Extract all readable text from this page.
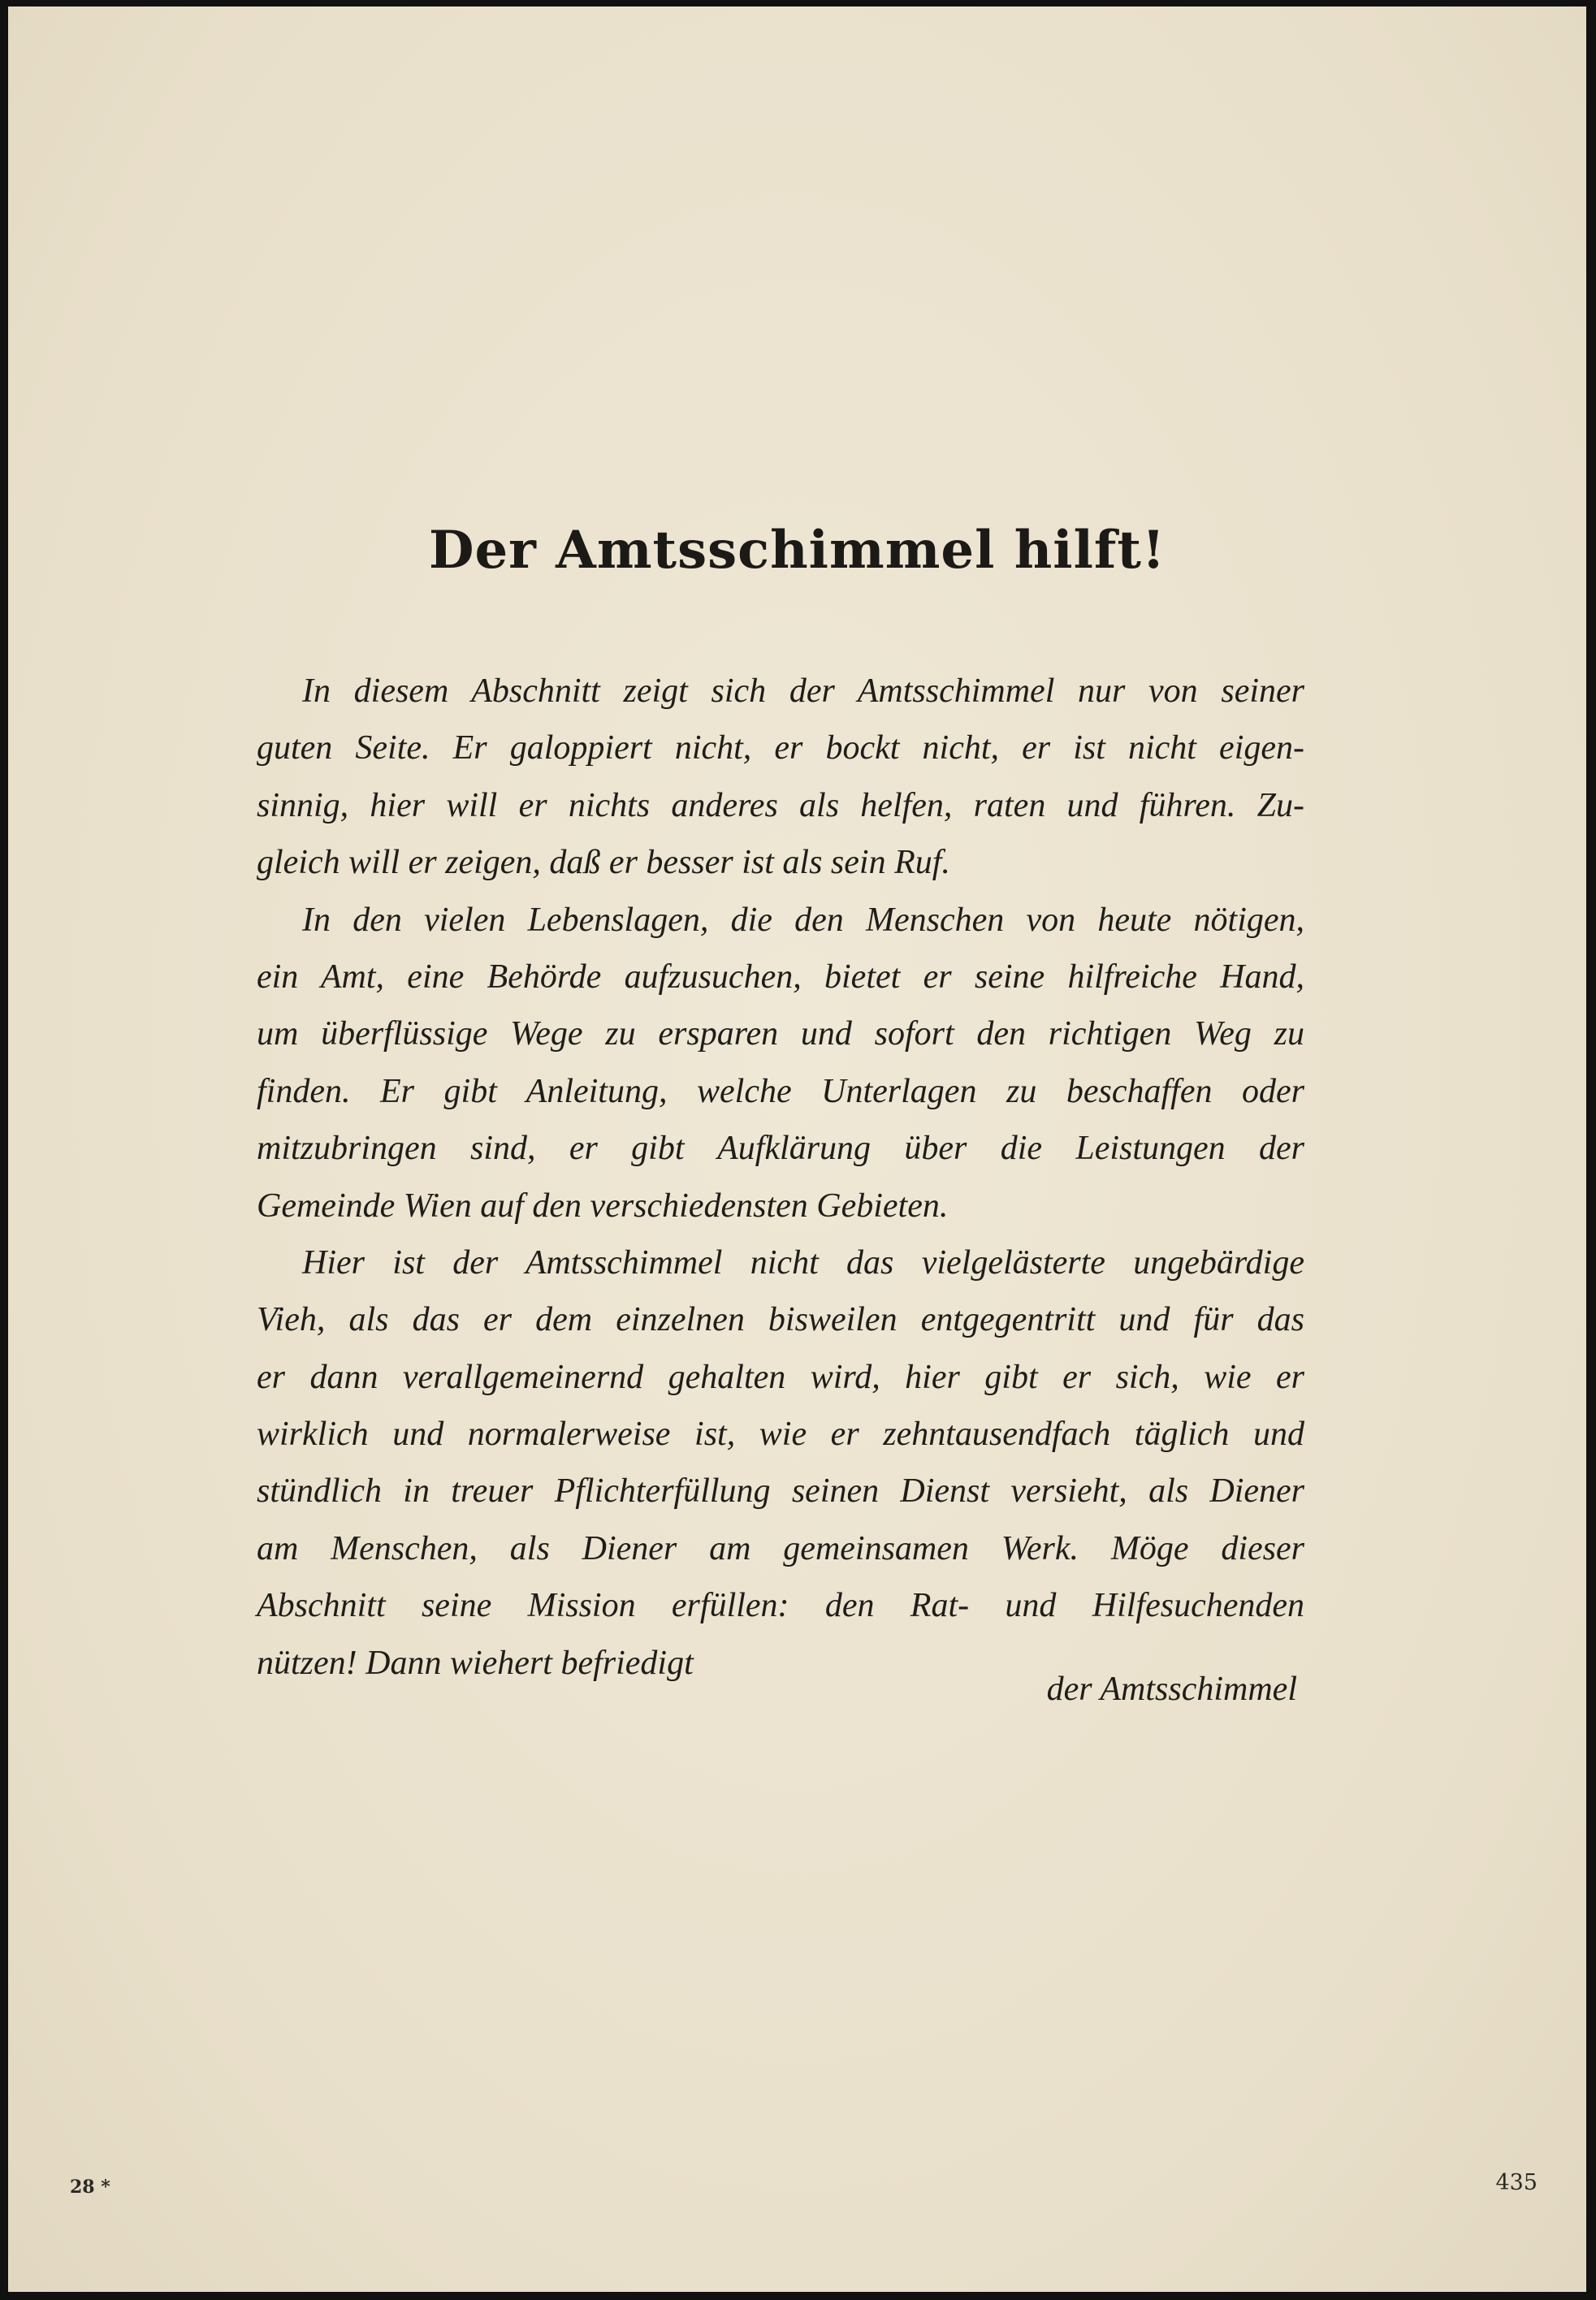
Der Amtsschimmel hilft!
In diesem Abschnitt zeigt sich der Amtsschimmel nur von seiner
guten Seite. Er galoppiert nicht, er bockt nicht, er ist nicht eigen-
sinnig, hier will er nichts anderes als helfen, raten und führen. Zu-
gleich will er zeigen, daß er besser ist als sein Ruf.
In den vielen Lebenslagen, die den Menschen von heute nötigen,
ein Amt, eine Behörde aufzusuchen, bietet er seine hilfreiche Hand,
um überflüssige Wege zu ersparen und sofort den richtigen Weg zu
finden. Er gibt Anleitung, welche Unterlagen zu beschaffen oder
mitzubringen sind, er gibt Aufklärung über die Leistungen der
Gemeinde Wien auf den verschiedensten Gebieten.
Hier ist der Amtsschimmel nicht das vielgelästerte ungebärdige
Vieh, als das er dem einzelnen bisweilen entgegentritt und für das
er dann verallgemeinernd gehalten wird, hier gibt er sich, wie er
wirklich und normalerweise ist, wie er zehntausendfach täglich und
stündlich in treuer Pflichterfüllung seinen Dienst versieht, als Diener
am Menschen, als Diener am gemeinsamen Werk. Möge dieser
Abschnitt seine Mission erfüllen: den Rat- und Hilfesuchenden
nützen! Dann wiehert befriedigt
der Amtsschimmel
28 *	435
